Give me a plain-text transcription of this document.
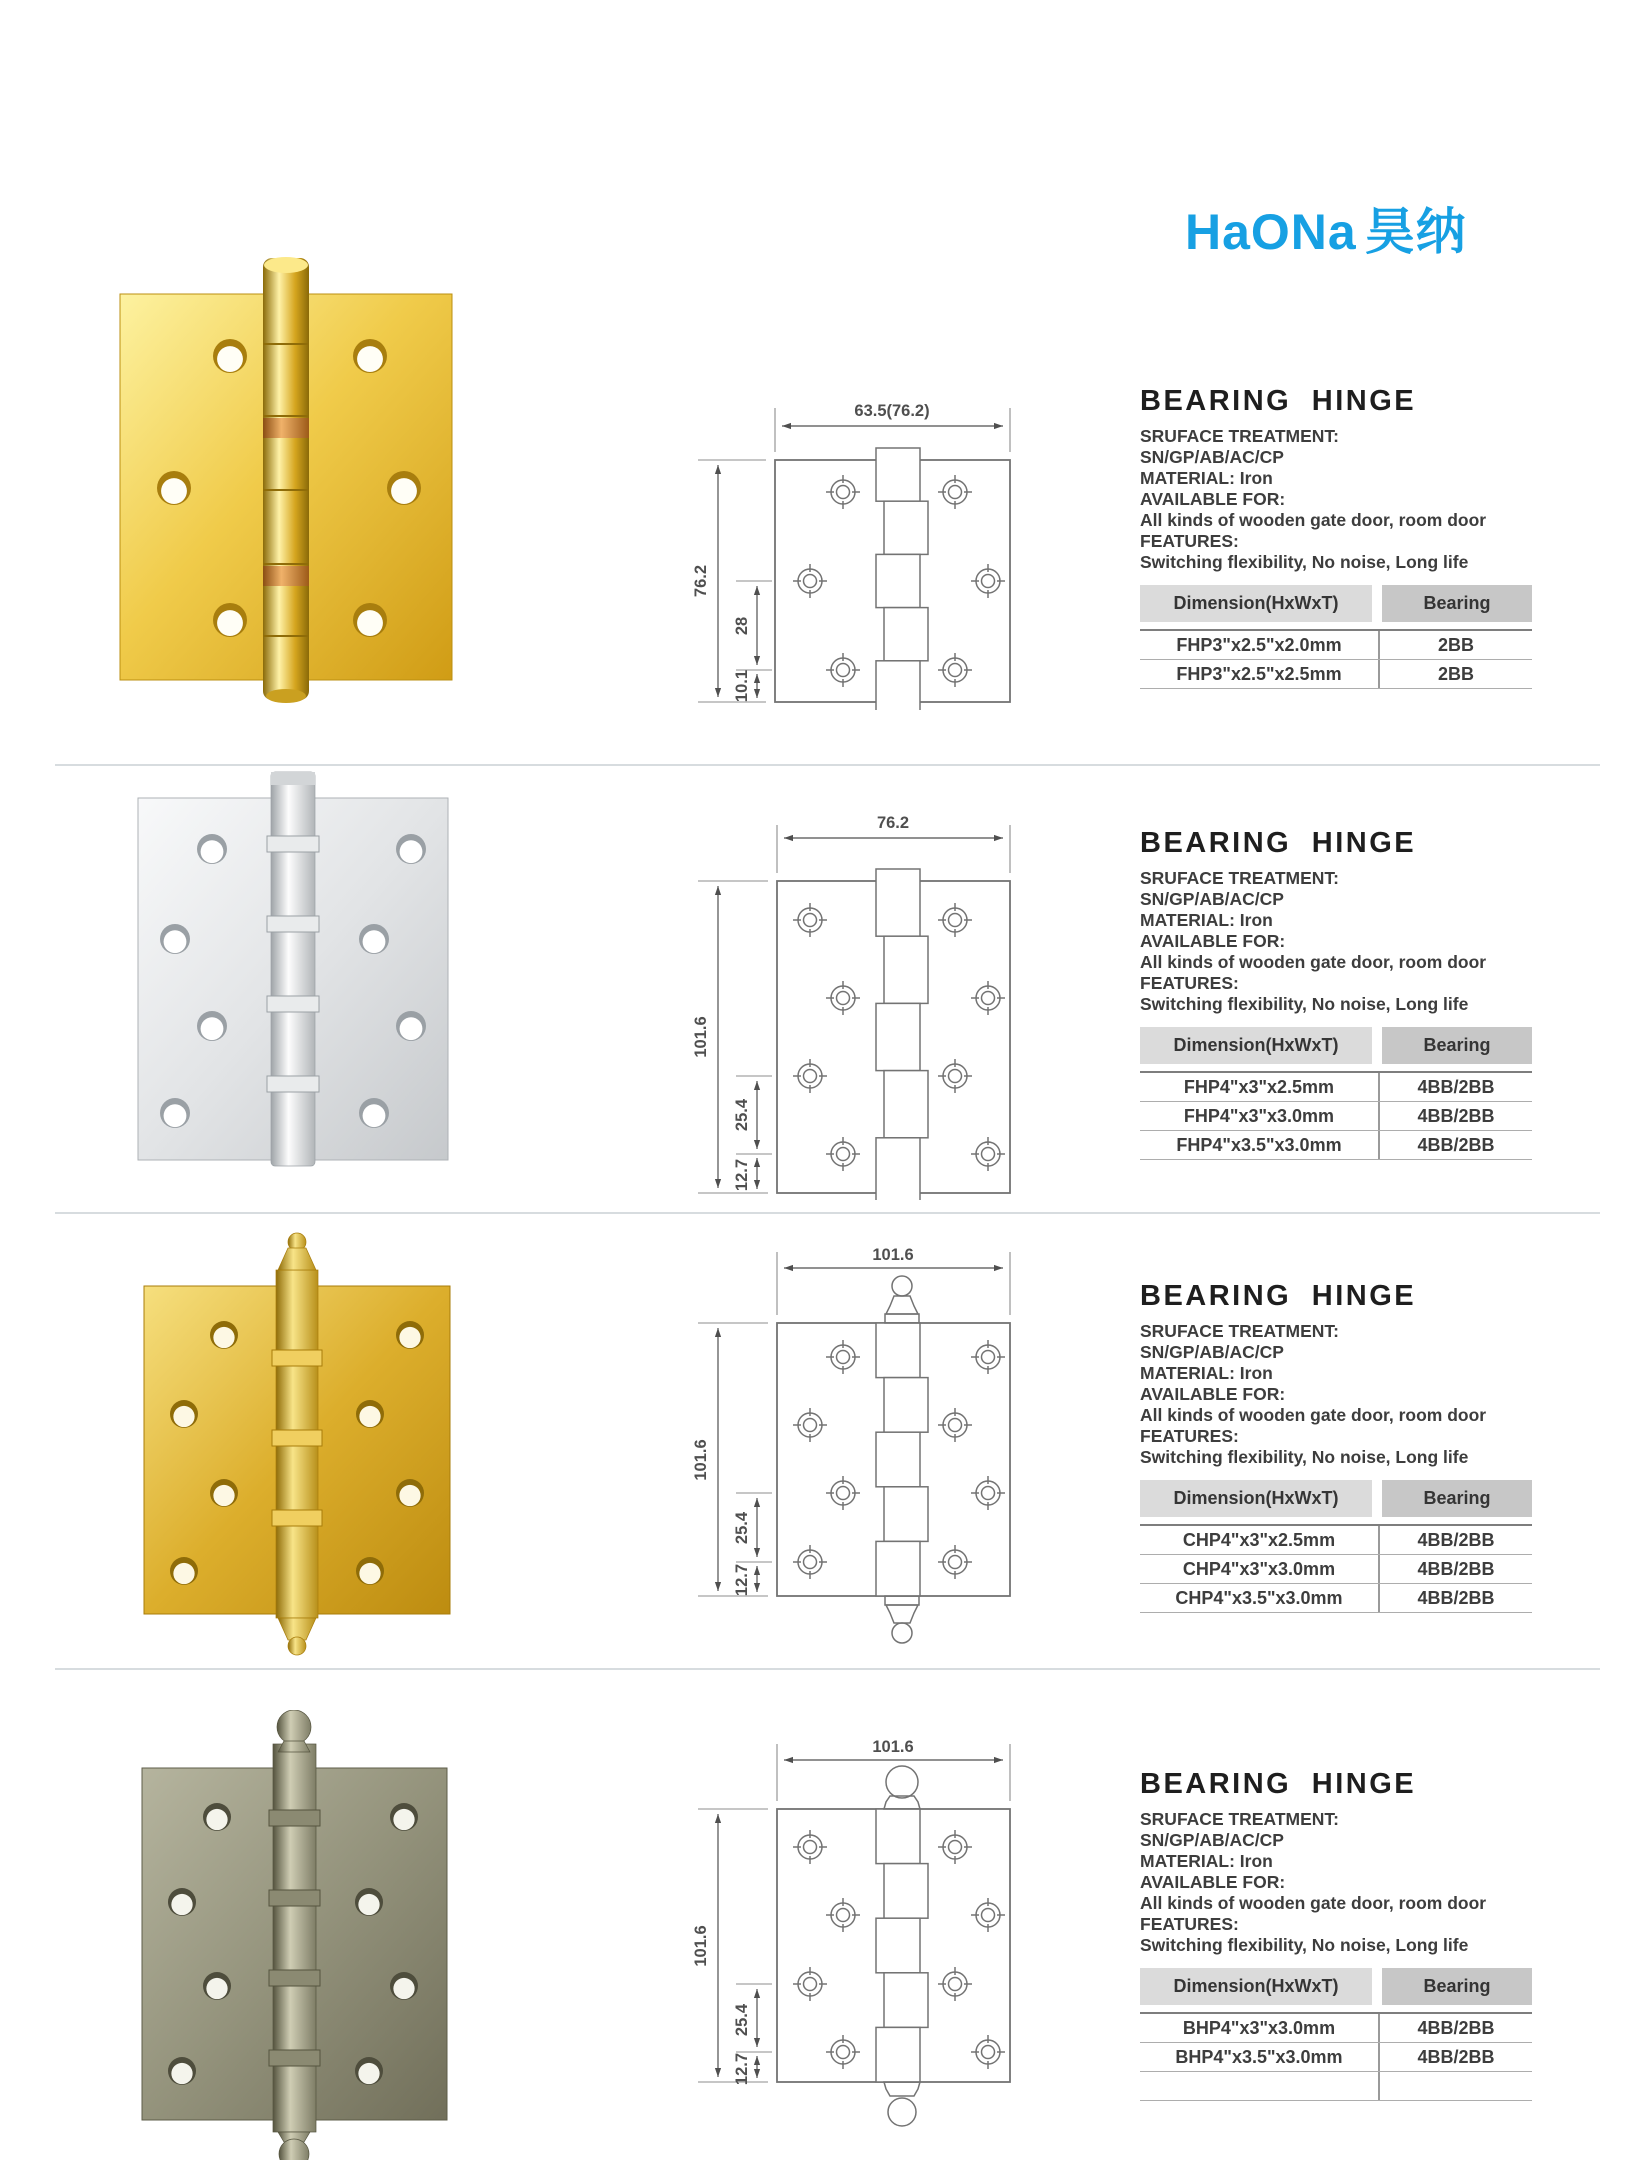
HaONa 昊纳
63.5(76.2)
76.2
28
10.1
BEARING HINGE

SRUFACE TREATMENT:

SN/GP/AB/AC/CP

MATERIAL: Iron

AVAILABLE FOR:

All kinds of wooden gate door, room door

FEATURES:

Switching flexibility, No noise, Long life

Dimension(HxWxT)	Bearing
FHP3"x2.5"x2.0mm	2BB
FHP3"x2.5"x2.5mm	2BB
76.2
101.6
25.4
12.7
BEARING HINGE

SRUFACE TREATMENT:

SN/GP/AB/AC/CP

MATERIAL: Iron

AVAILABLE FOR:

All kinds of wooden gate door, room door

FEATURES:

Switching flexibility, No noise, Long life

Dimension(HxWxT)	Bearing
FHP4"x3"x2.5mm	4BB/2BB
FHP4"x3"x3.0mm	4BB/2BB
FHP4"x3.5"x3.0mm	4BB/2BB
101.6
101.6
25.4
12.7
BEARING HINGE

SRUFACE TREATMENT:

SN/GP/AB/AC/CP

MATERIAL: Iron

AVAILABLE FOR:

All kinds of wooden gate door, room door

FEATURES:

Switching flexibility, No noise, Long life

Dimension(HxWxT)	Bearing
CHP4"x3"x2.5mm	4BB/2BB
CHP4"x3"x3.0mm	4BB/2BB
CHP4"x3.5"x3.0mm	4BB/2BB
101.6
101.6
25.4
12.7
BEARING HINGE

SRUFACE TREATMENT:

SN/GP/AB/AC/CP

MATERIAL: Iron

AVAILABLE FOR:

All kinds of wooden gate door, room door

FEATURES:

Switching flexibility, No noise, Long life

Dimension(HxWxT)	Bearing
BHP4"x3"x3.0mm	4BB/2BB
BHP4"x3.5"x3.0mm	4BB/2BB
